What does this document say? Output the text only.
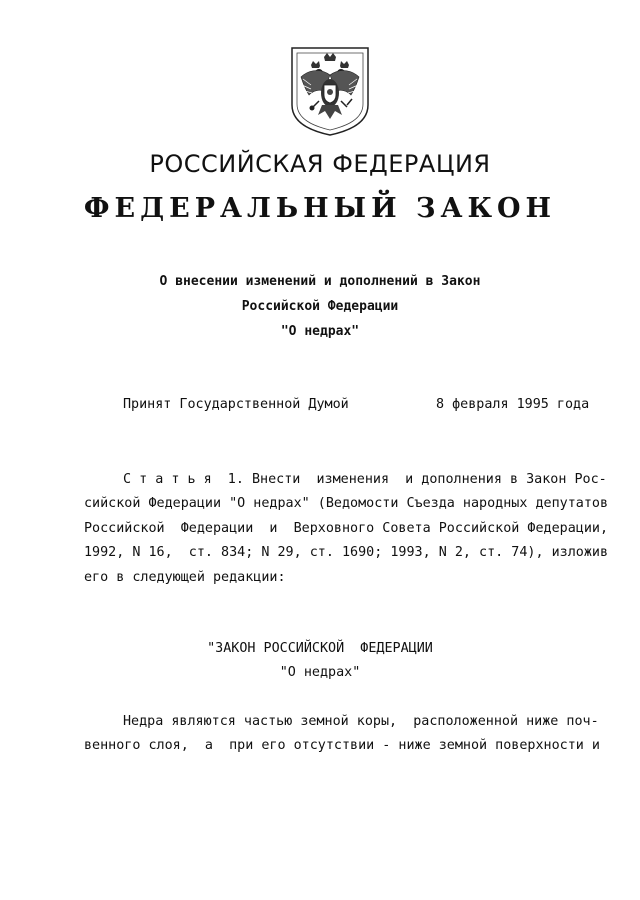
РОССИЙСКАЯ ФЕДЕРАЦИЯ
ФЕДЕРАЛЬНЫЙ ЗАКОН
О внесении изменений и дополнений в Закон
Российской Федерации
"О недрах"
Принят Государственной Думой	8 февраля 1995 года
С т а т ь я  1. Внести  изменения  и дополнения в Закон Рос-
сийской Федерации "О недрах" (Ведомости Съезда народных депутатов
Российской  Федерации  и  Верховного Совета Российской Федерации,
1992, N 16,  ст. 834; N 29, ст. 1690; 1993, N 2, ст. 74), изложив
его в следующей редакции:
"ЗАКОН РОССИЙСКОЙ  ФЕДЕРАЦИИ
"О недрах"
Недра являются частью земной коры,  расположенной ниже поч-
венного слоя,  а  при его отсутствии - ниже земной поверхности и
